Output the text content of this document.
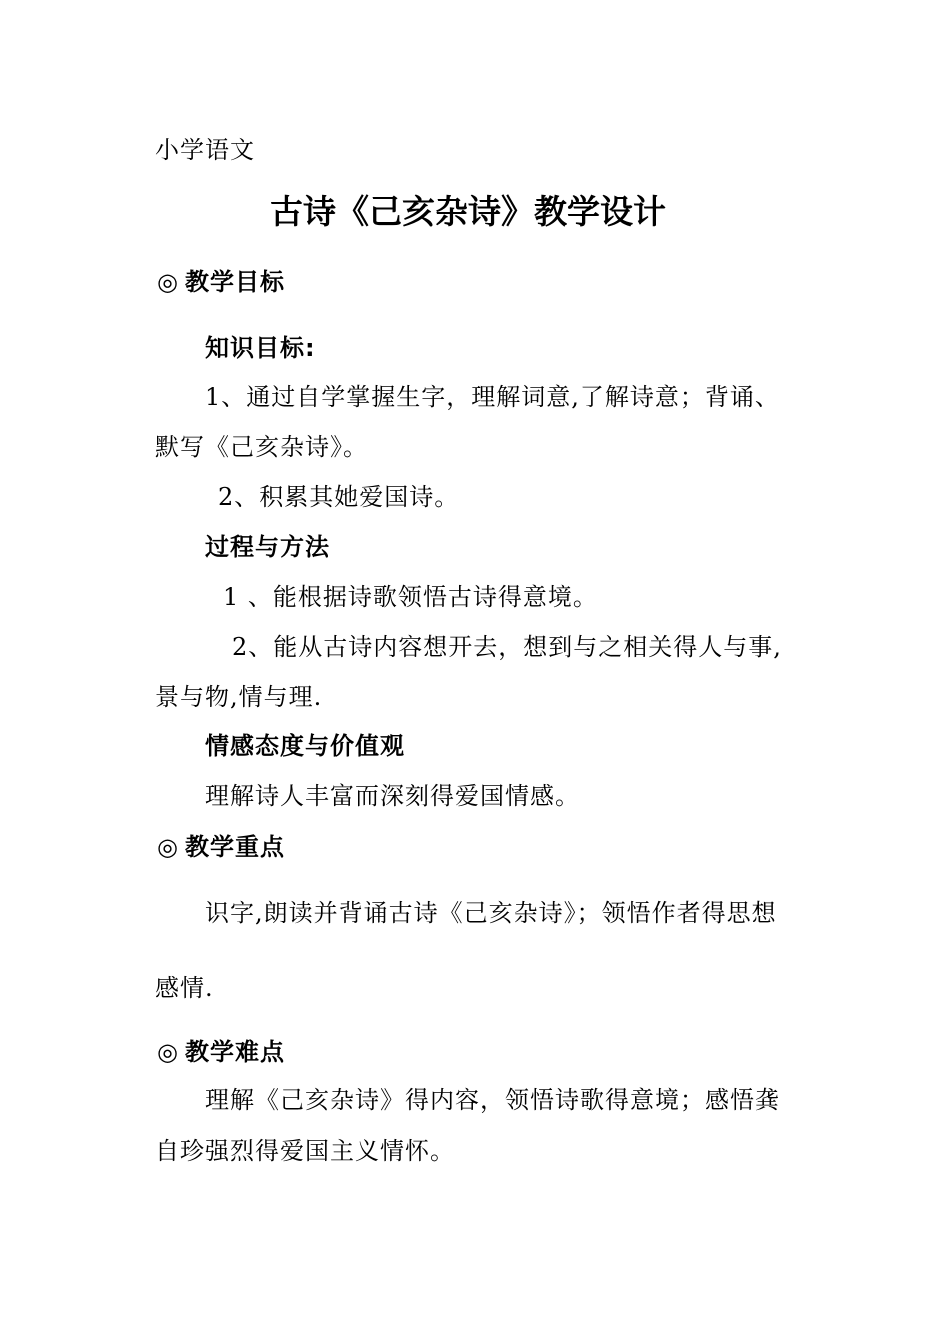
小学语文
古诗《己亥杂诗》教学设计
◎ 教学目标
知识目标:
1、通过自学掌握生字，理解词意,了解诗意；背诵、
默写《己亥杂诗》。
2、积累其她爱国诗。
过程与方法
1 、能根据诗歌领悟古诗得意境。
2、能从古诗内容想开去，想到与之相关得人与事,
景与物,情与理.
情感态度与价值观
理解诗人丰富而深刻得爱国情感。
◎ 教学重点
识字,朗读并背诵古诗《己亥杂诗》；领悟作者得思想
感情.
◎ 教学难点
理解《己亥杂诗》得内容，领悟诗歌得意境；感悟龚
自珍强烈得爱国主义情怀。
